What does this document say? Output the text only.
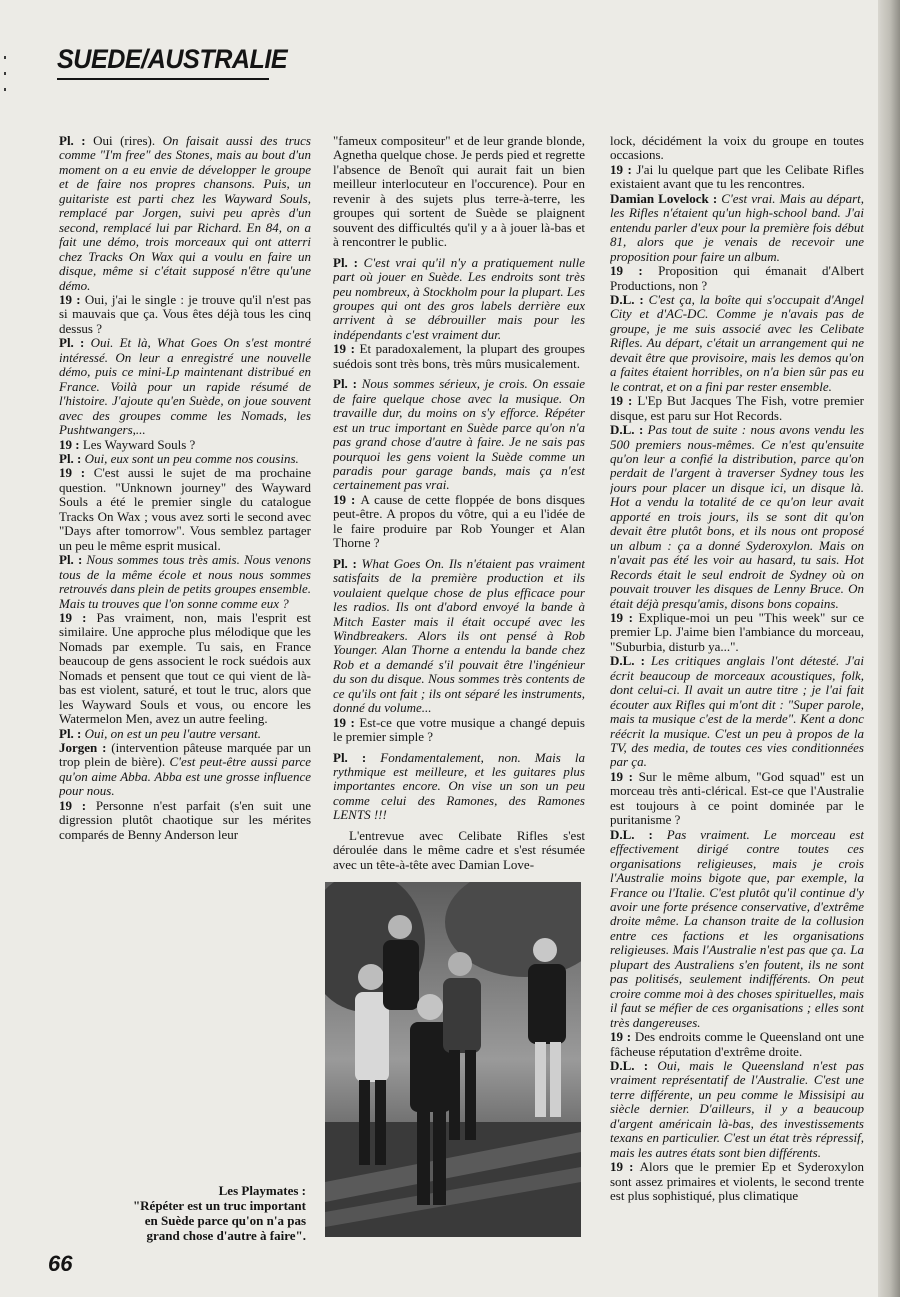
SUEDE/AUSTRALIE

Pl. : Oui (rires). On faisait aussi des trucs comme "I'm free" des Stones, mais au bout d'un moment on a eu envie de développer le groupe et de faire nos propres chansons. Puis, un guitariste est parti chez les Wayward Souls, remplacé par Jorgen, suivi peu après d'un second, remplacé lui par Richard. En 84, on a fait une démo, trois morceaux qui ont atterri chez Tracks On Wax qui a voulu en faire un disque, même si c'était supposé n'être qu'une démo.

19 : Oui, j'ai le single : je trouve qu'il n'est pas si mauvais que ça. Vous êtes déjà tous les cinq dessus ?

Pl. : Oui. Et là, What Goes On s'est montré intéressé. On leur a enregistré une nouvelle démo, puis ce mini-Lp maintenant distribué en France. Voilà pour un rapide résumé de l'histoire. J'ajoute qu'en Suède, on joue souvent avec des groupes comme les Nomads, les Pushtwangers,...

19 : Les Wayward Souls ?

Pl. : Oui, eux sont un peu comme nos cousins.

19 : C'est aussi le sujet de ma prochaine question. "Unknown journey" des Wayward Souls a été le premier single du catalogue Tracks On Wax ; vous avez sorti le second avec "Days after tomorrow". Vous semblez partager un peu le même esprit musical.

Pl. : Nous sommes tous très amis. Nous venons tous de la même école et nous nous sommes retrouvés dans plein de petits groupes ensemble. Mais tu trouves que l'on sonne comme eux ?

19 : Pas vraiment, non, mais l'esprit est similaire. Une approche plus mélodique que les Nomads par exemple. Tu sais, en France beaucoup de gens associent le rock suédois aux Nomads et pensent que tout ce qui vient de là-bas est violent, saturé, et tout le truc, alors que les Wayward Souls et vous, ou encore les Watermelon Men, avez un autre feeling.

Pl. : Oui, on est un peu l'autre versant.

Jorgen : (intervention pâteuse marquée par un trop plein de bière). C'est peut-être aussi parce qu'on aime Abba. Abba est une grosse influence pour nous.

19 : Personne n'est parfait (s'en suit une digression plutôt chaotique sur les mérites comparés de Benny Anderson leur

"fameux compositeur" et de leur grande blonde, Agnetha quelque chose. Je perds pied et regrette l'absence de Benoît qui aurait fait un bien meilleur interlocuteur en l'occurence). Pour en revenir à des sujets plus terre-à-terre, les groupes qui sortent de Suède se plaignent souvent des difficultés qu'il y a à jouer là-bas et à rencontrer le public.

Pl. : C'est vrai qu'il n'y a pratiquement nulle part où jouer en Suède. Les endroits sont très peu nombreux, à Stockholm pour la plupart. Les groupes qui ont des gros labels derrière eux arrivent à se débrouiller mais pour les indépendants c'est vraiment dur.

19 : Et paradoxalement, la plupart des groupes suédois sont très bons, très mûrs musicalement.

Pl. : Nous sommes sérieux, je crois. On essaie de faire quelque chose avec la musique. On travaille dur, du moins on s'y efforce. Répéter est un truc important en Suède parce qu'on n'a pas grand chose d'autre à faire. Je ne sais pas pourquoi les gens voient la Suède comme un paradis pour garage bands, mais ça n'est certainement pas vrai.

19 : A cause de cette floppée de bons disques peut-être. A propos du vôtre, qui a eu l'idée de le faire produire par Rob Younger et Alan Thorne ?

Pl. : What Goes On. Ils n'étaient pas vraiment satisfaits de la première production et ils voulaient quelque chose de plus efficace pour les radios. Ils ont d'abord envoyé la bande à Mitch Easter mais il était occupé avec les Windbreakers. Alors ils ont pensé à Rob Younger. Alan Thorne a entendu la bande chez Rob et a demandé s'il pouvait être l'ingénieur du son du disque. Nous sommes très contents de ce qu'ils ont fait ; ils ont séparé les instruments, donné du volume...

19 : Est-ce que votre musique a changé depuis le premier simple ?

Pl. : Fondamentalement, non. Mais la rythmique est meilleure, et les guitares plus importantes encore. On vise un son un peu comme celui des Ramones, des Ramones LENTS !!!

L'entrevue avec Celibate Rifles s'est déroulée dans le même cadre et s'est résumée avec un tête-à-tête avec Damian Love-

lock, décidément la voix du groupe en toutes occasions.

19 : J'ai lu quelque part que les Celibate Rifles existaient avant que tu les rencontres.

Damian Lovelock : C'est vrai. Mais au départ, les Rifles n'étaient qu'un high-school band. J'ai entendu parler d'eux pour la première fois début 81, alors que je venais de recevoir une proposition pour faire un album.

19 : Proposition qui émanait d'Albert Productions, non ?

D.L. : C'est ça, la boîte qui s'occupait d'Angel City et d'AC-DC. Comme je n'avais pas de groupe, je me suis associé avec les Celibate Rifles. Au départ, c'était un arrangement qui ne devait être que provisoire, mais les demos qu'on a faites étaient horribles, on n'a bien sûr pas eu le contrat, et on a fini par rester ensemble.

19 : L'Ep But Jacques The Fish, votre premier disque, est paru sur Hot Records.

D.L. : Pas tout de suite : nous avons vendu les 500 premiers nous-mêmes. Ce n'est qu'ensuite qu'on leur a confié la distribution, parce qu'on perdait de l'argent à traverser Sydney tous les jours pour placer un disque ici, un disque là. Hot a vendu la totalité de ce qu'on leur avait apporté en trois jours, ils se sont dit qu'on devait être plutôt bons, et ils nous ont proposé un album : ça a donné Syderoxylon. Mais on n'avait pas été les voir au hasard, tu sais. Hot Records était le seul endroit de Sydney où on pouvait trouver les disques de Lenny Bruce. On était déjà presqu'amis, disons bons copains.

19 : Explique-moi un peu "This week" sur ce premier Lp. J'aime bien l'ambiance du morceau, "Suburbia, disturb ya...".

D.L. : Les critiques anglais l'ont détesté. J'ai écrit beaucoup de morceaux acoustiques, folk, dont celui-ci. Il avait un autre titre ; je l'ai fait écouter aux Rifles qui m'ont dit : "Super parole, mais ta musique c'est de la merde". Kent a donc réécrit la musique. C'est un peu à propos de la TV, des media, de toutes ces vies conditionnées par ça.

19 : Sur le même album, "God squad" est un morceau très anti-clérical. Est-ce que l'Australie est toujours à ce point dominée par le puritanisme ?

D.L. : Pas vraiment. Le morceau est effectivement dirigé contre toutes ces organisations religieuses, mais je crois l'Australie moins bigote que, par exemple, la France ou l'Italie. C'est plutôt qu'il continue d'y avoir une forte présence conservative, d'extrême droite même. La chanson traite de la collusion entre ces factions et les organisations religieuses. Mais l'Australie n'est pas que ça. La plupart des Australiens s'en foutent, ils ne sont pas politisés, seulement indifférents. On peut croire comme moi à des choses spirituelles, mais il faut se méfier de ces organisations ; elles sont très dangereuses.

19 : Des endroits comme le Queensland ont une fâcheuse réputation d'extrême droite.

D.L. : Oui, mais le Queensland n'est pas vraiment représentatif de l'Australie. C'est une terre différente, un peu comme le Missisipi au siècle dernier. D'ailleurs, il y a beaucoup d'argent américain là-bas, des investissements texans en particulier. C'est un état très répressif, mais les autres états sont bien différents.

19 : Alors que le premier Ep et Syderoxylon sont assez primaires et violents, le second trente est plus sophistiqué, plus climatique

Les Playmates :
"Répéter est un truc important
en Suède parce qu'on n'a pas
grand chose d'autre à faire".
66
